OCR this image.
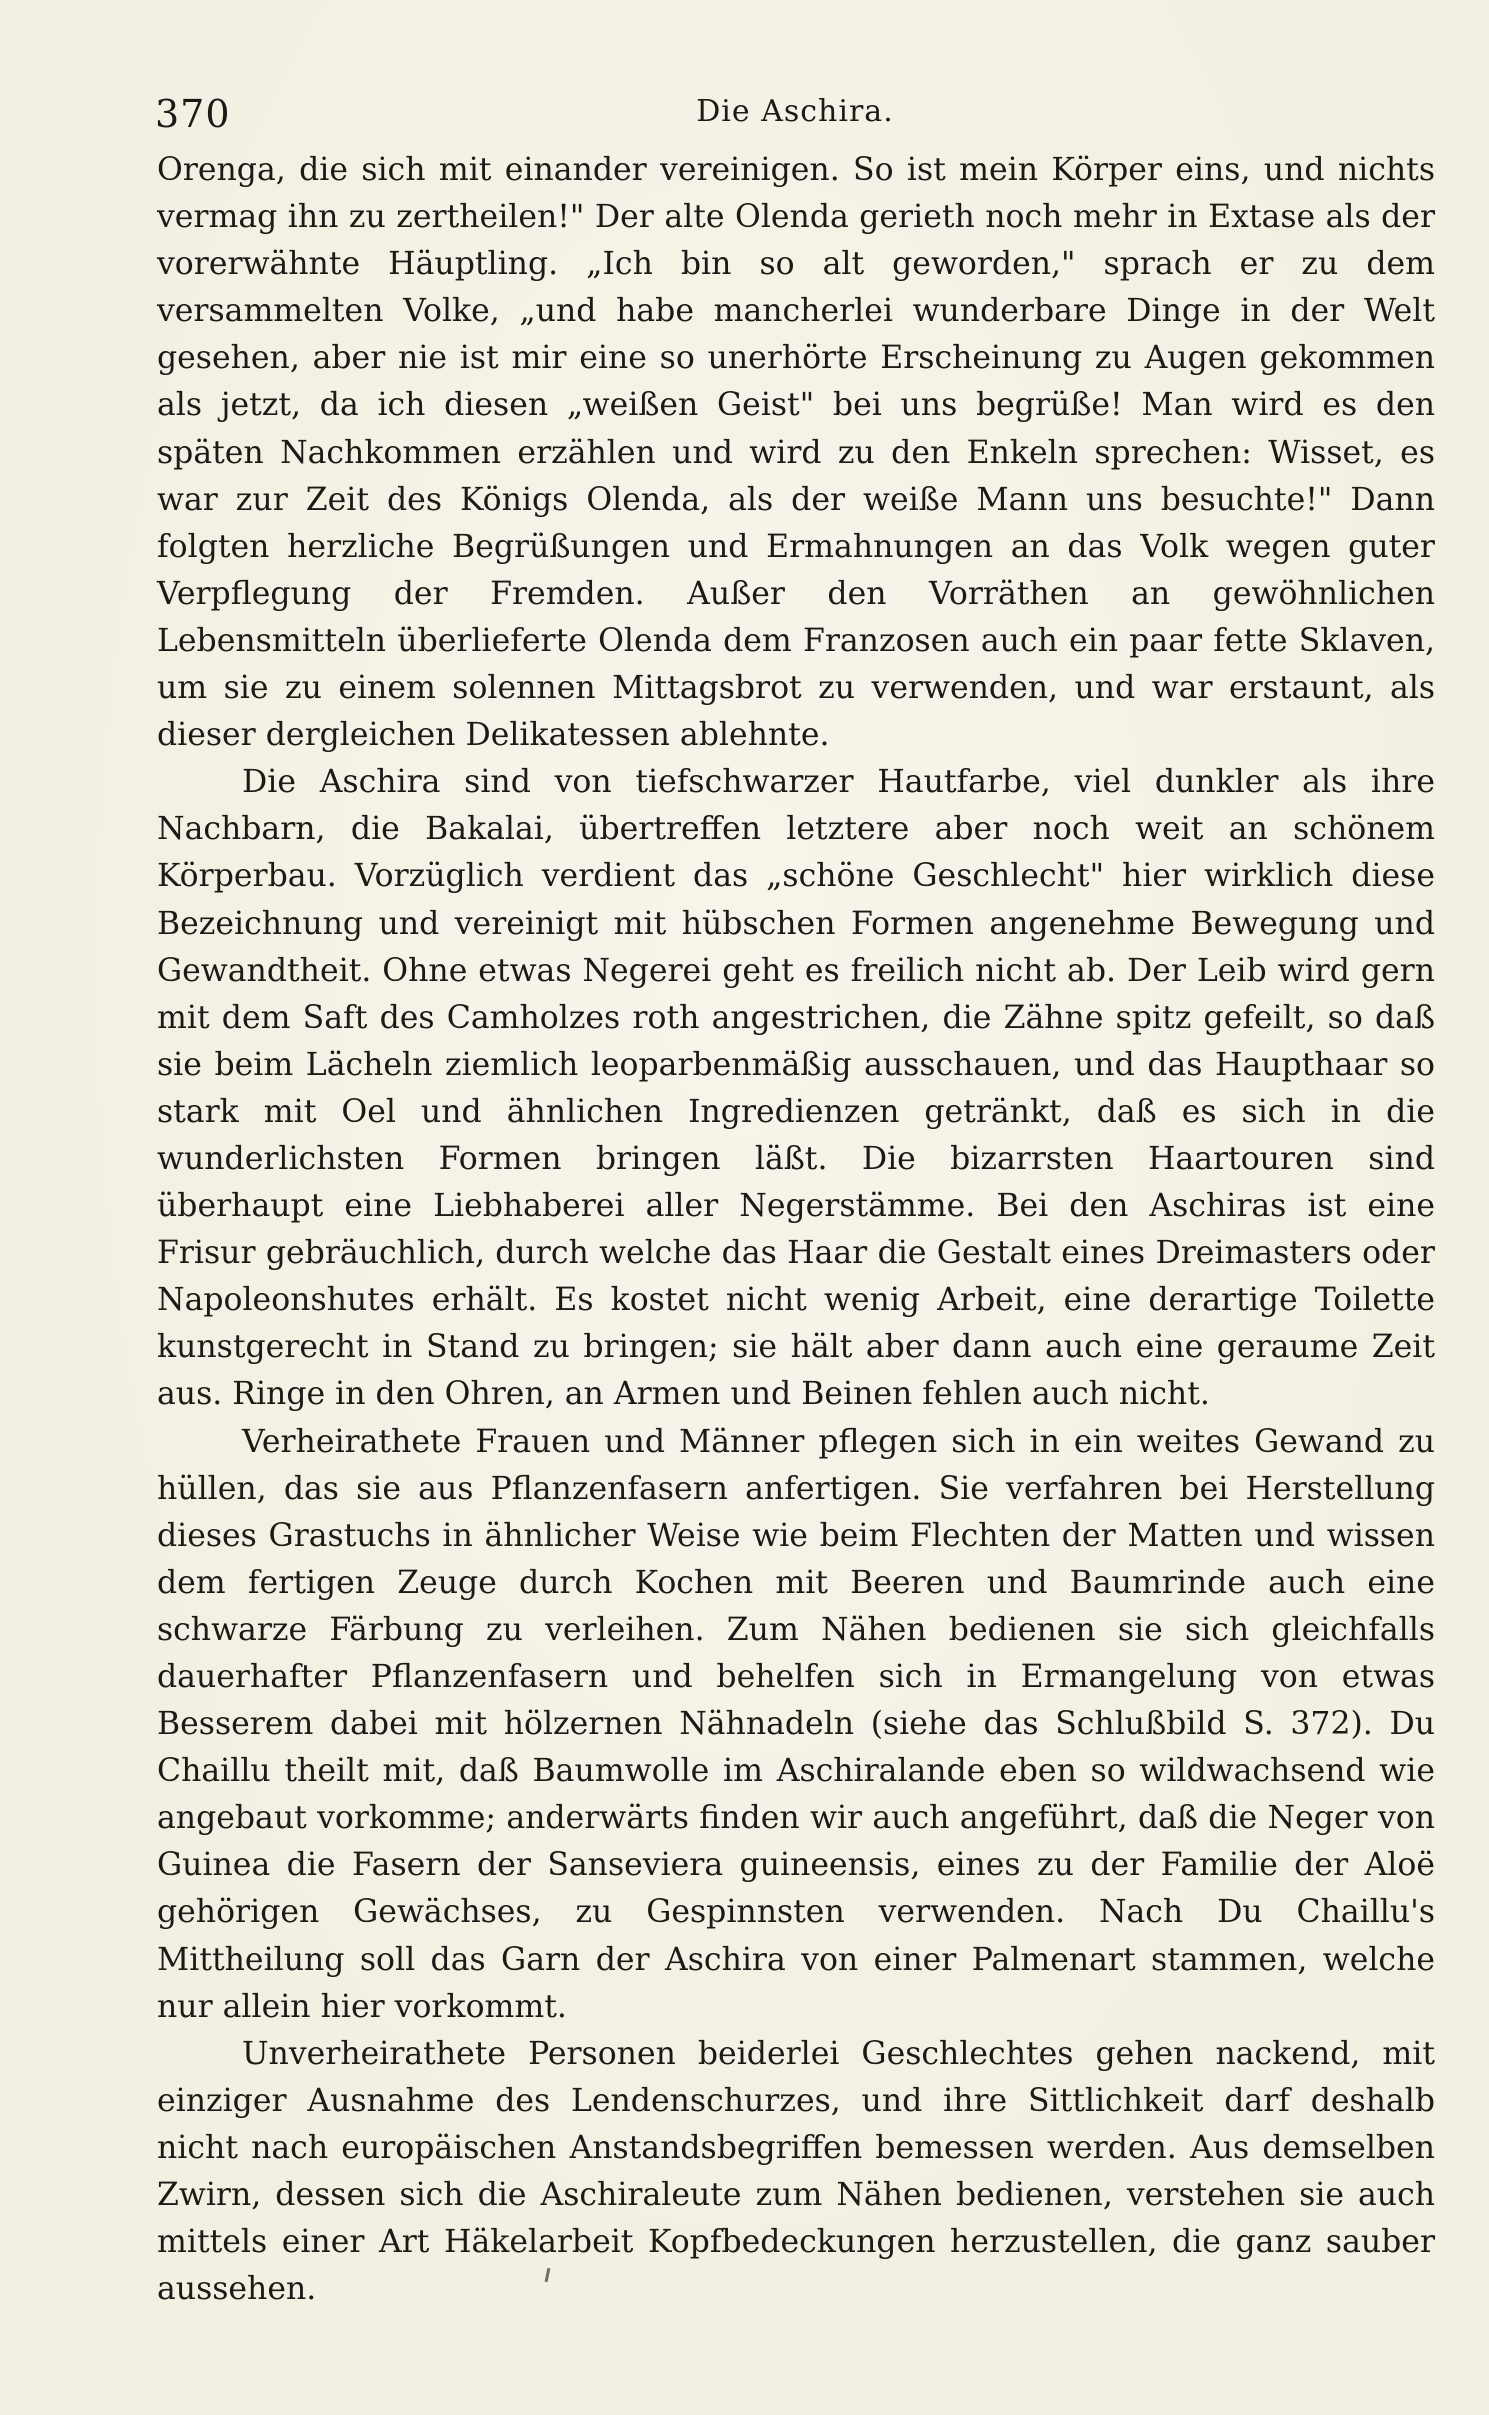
370	Die Aschira.

Orenga, die sich mit einander vereinigen. So ist mein Körper eins, und nichts vermag ihn zu zertheilen!" Der alte Olenda gerieth noch mehr in Extase als der vorerwähnte Häuptling. „Ich bin so alt geworden," sprach er zu dem versammelten Volke, „und habe mancherlei wunderbare Dinge in der Welt gesehen, aber nie ist mir eine so unerhörte Erscheinung zu Augen gekommen als jetzt, da ich diesen „weißen Geist" bei uns begrüße! Man wird es den späten Nachkommen erzählen und wird zu den Enkeln sprechen: Wisset, es war zur Zeit des Königs Olenda, als der weiße Mann uns besuchte!" Dann folgten herzliche Begrüßungen und Ermahnungen an das Volk wegen guter Verpflegung der Fremden. Außer den Vorräthen an gewöhnlichen Lebensmitteln überlieferte Olenda dem Franzosen auch ein paar fette Sklaven, um sie zu einem solennen Mittagsbrot zu verwenden, und war erstaunt, als dieser dergleichen Delikatessen ablehnte.

Die Aschira sind von tiefschwarzer Hautfarbe, viel dunkler als ihre Nachbarn, die Bakalai, übertreffen letztere aber noch weit an schönem Körperbau. Vorzüglich verdient das „schöne Geschlecht" hier wirklich diese Bezeichnung und vereinigt mit hübschen Formen angenehme Bewegung und Gewandtheit. Ohne etwas Negerei geht es freilich nicht ab. Der Leib wird gern mit dem Saft des Camholzes roth angestrichen, die Zähne spitz gefeilt, so daß sie beim Lächeln ziemlich leoparbenmäßig ausschauen, und das Haupthaar so stark mit Oel und ähnlichen Ingredienzen getränkt, daß es sich in die wunderlichsten Formen bringen läßt. Die bizarrsten Haartouren sind überhaupt eine Liebhaberei aller Negerstämme. Bei den Aschiras ist eine Frisur gebräuchlich, durch welche das Haar die Gestalt eines Dreimasters oder Napoleonshutes erhält. Es kostet nicht wenig Arbeit, eine derartige Toilette kunstgerecht in Stand zu bringen; sie hält aber dann auch eine geraume Zeit aus. Ringe in den Ohren, an Armen und Beinen fehlen auch nicht.

Verheirathete Frauen und Männer pflegen sich in ein weites Gewand zu hüllen, das sie aus Pflanzenfasern anfertigen. Sie verfahren bei Herstellung dieses Grastuchs in ähnlicher Weise wie beim Flechten der Matten und wissen dem fertigen Zeuge durch Kochen mit Beeren und Baumrinde auch eine schwarze Färbung zu verleihen. Zum Nähen bedienen sie sich gleichfalls dauerhafter Pflanzenfasern und behelfen sich in Ermangelung von etwas Besserem dabei mit hölzernen Nähnadeln (siehe das Schlußbild S. 372). Du Chaillu theilt mit, daß Baumwolle im Aschiralande eben so wildwachsend wie angebaut vorkomme; anderwärts finden wir auch angeführt, daß die Neger von Guinea die Fasern der Sanseviera guineensis, eines zu der Familie der Aloë gehörigen Gewächses, zu Gespinnsten verwenden. Nach Du Chaillu's Mittheilung soll das Garn der Aschira von einer Palmenart stammen, welche nur allein hier vorkommt.

Unverheirathete Personen beiderlei Geschlechtes gehen nackend, mit einziger Ausnahme des Lendenschurzes, und ihre Sittlichkeit darf deshalb nicht nach europäischen Anstandsbegriffen bemessen werden. Aus demselben Zwirn, dessen sich die Aschiraleute zum Nähen bedienen, verstehen sie auch mittels einer Art Häkelarbeit Kopfbedeckungen herzustellen, die ganz sauber aussehen.
